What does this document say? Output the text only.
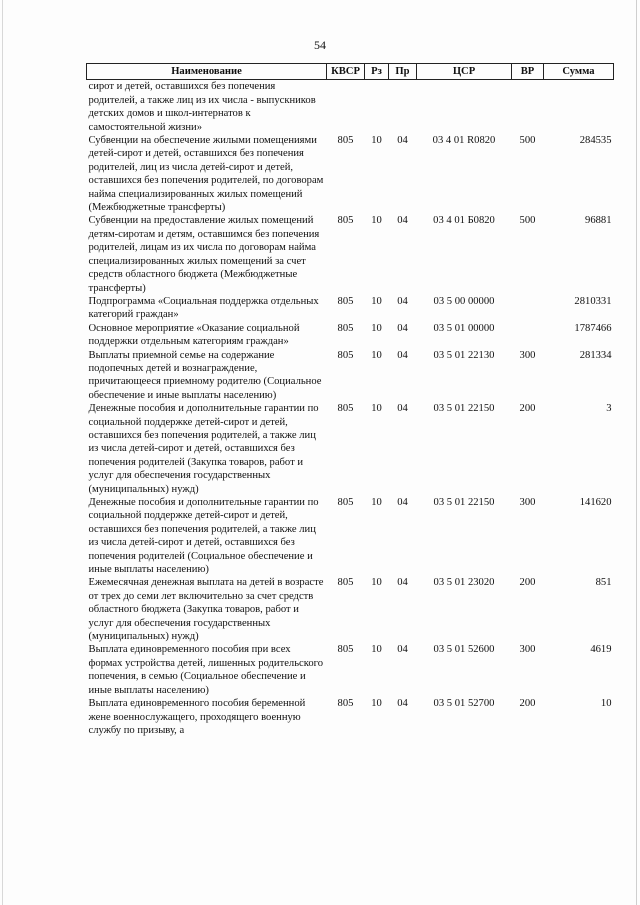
54
Наименование	КВСР	Рз	Пр	ЦСР	ВР	Сумма
сирот и детей, оставшихся без попечения родителей, а также лиц из их числа - выпускников детских домов и школ-интернатов к самостоятельной жизни»						
Субвенции на обеспечение жилыми помещениями детей-сирот и детей, оставшихся без попечения родителей, лиц из числа детей-сирот и детей, оставшихся без попечения родителей, по договорам найма специализированных жилых помещений (Межбюджетные трансферты)	805	10	04	03 4 01 R0820	500	284535
Субвенции на предоставление жилых помещений детям-сиротам и детям, оставшимся без попечения родителей, лицам из их числа по договорам найма специализированных жилых помещений за счет средств областного бюджета (Межбюджетные трансферты)	805	10	04	03 4 01 Б0820	500	96881
Подпрограмма «Социальная поддержка отдельных категорий граждан»	805	10	04	03 5 00 00000		2810331
Основное мероприятие «Оказание социальной поддержки отдельным категориям граждан»	805	10	04	03 5 01 00000		1787466
Выплаты приемной семье на содержание подопечных детей и вознаграждение, причитающееся приемному родителю (Социальное обеспечение и иные выплаты населению)	805	10	04	03 5 01 22130	300	281334
Денежные пособия и дополнительные гарантии по социальной поддержке детей-сирот и детей, оставшихся без попечения родителей, а также лиц из числа детей-сирот и детей, оставшихся без попечения родителей (Закупка товаров, работ и услуг для обеспечения государственных (муниципальных) нужд)	805	10	04	03 5 01 22150	200	3
Денежные пособия и дополнительные гарантии по социальной поддержке детей-сирот и детей, оставшихся без попечения родителей, а также лиц из числа детей-сирот и детей, оставшихся без попечения родителей (Социальное обеспечение и иные выплаты населению)	805	10	04	03 5 01 22150	300	141620
Ежемесячная денежная выплата на детей в возрасте от трех до семи лет включительно за счет средств областного бюджета (Закупка товаров, работ и услуг для обеспечения государственных (муниципальных) нужд)	805	10	04	03 5 01 23020	200	851
Выплата единовременного пособия при всех формах устройства детей, лишенных родительского попечения, в семью (Социальное обеспечение и иные выплаты населению)	805	10	04	03 5 01 52600	300	4619
Выплата единовременного пособия беременной жене военнослужащего, проходящего военную службу по призыву, а	805	10	04	03 5 01 52700	200	10
